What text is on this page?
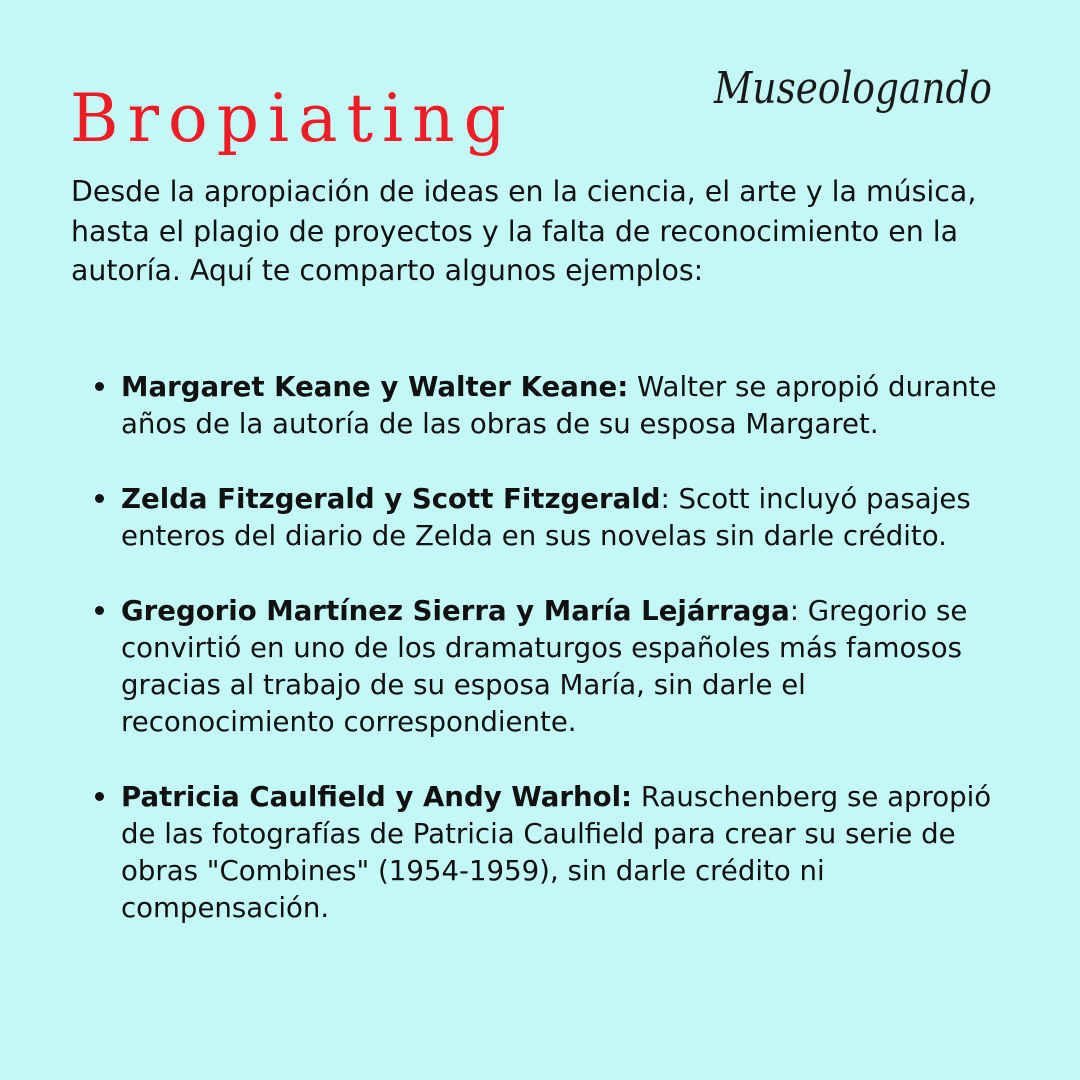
Bropiating	Museologando

Desde la apropiación de ideas en la ciencia, el arte y la música, hasta el plagio de proyectos y la falta de reconocimiento en la autoría. Aquí te comparto algunos ejemplos:

Margaret Keane y Walter Keane: Walter se apropió durante años de la autoría de las obras de su esposa Margaret.
Zelda Fitzgerald y Scott Fitzgerald: Scott incluyó pasajes enteros del diario de Zelda en sus novelas sin darle crédito.
Gregorio Martínez Sierra y María Lejárraga: Gregorio se convirtió en uno de los dramaturgos españoles más famosos gracias al trabajo de su esposa María, sin darle el reconocimiento correspondiente.
Patricia Caulfield y Andy Warhol: Rauschenberg se apropió de las fotografías de Patricia Caulfield para crear su serie de obras "Combines" (1954-1959), sin darle crédito ni compensación.
